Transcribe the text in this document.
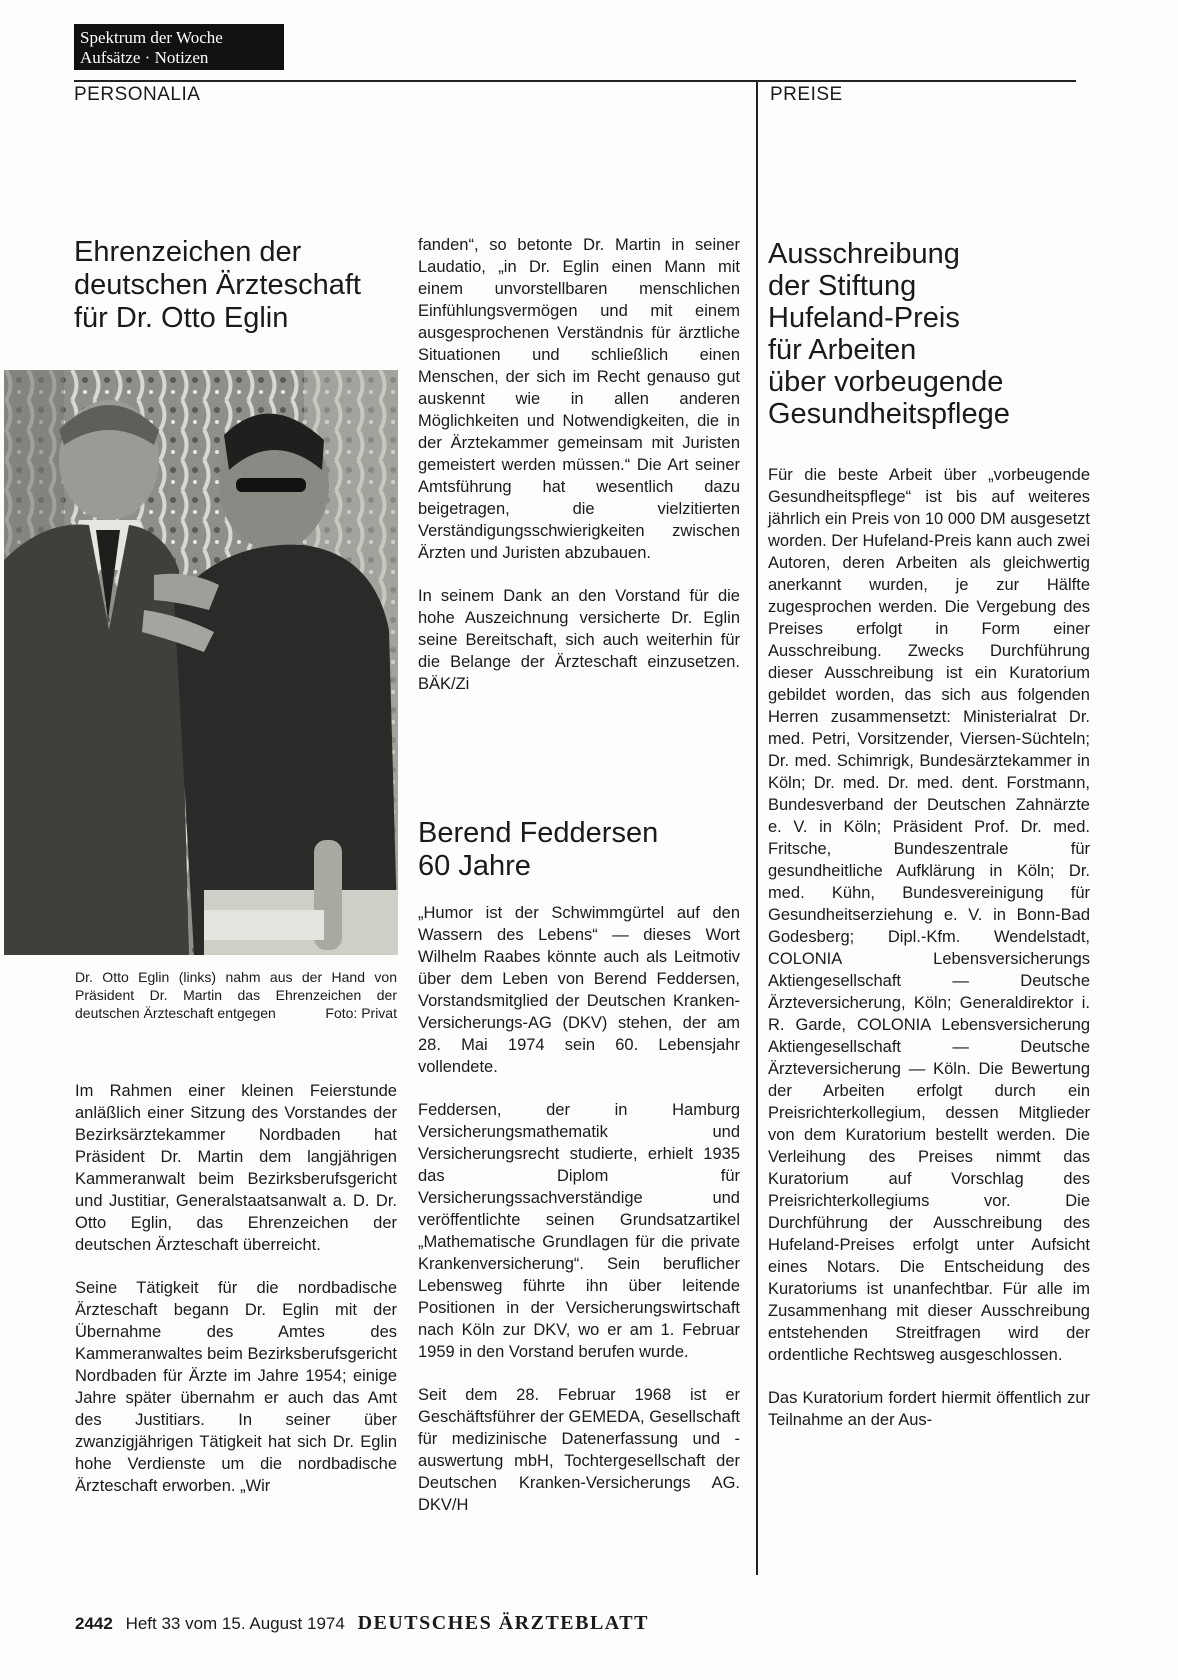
Spektrum der Woche
Aufsätze · Notizen
PERSONALIA	PREISE
Ehrenzeichen der
deutschen Ärzteschaft
für Dr. Otto Eglin
Dr. Otto Eglin (links) nahm aus der Hand von Präsident Dr. Martin das Ehrenzeichen der deutschen Ärzteschaft entgegen	Foto: Privat

Im Rahmen einer kleinen Feierstunde anläßlich einer Sitzung des Vorstandes der Bezirksärztekammer Nordbaden hat Präsident Dr. Martin dem langjährigen Kammeranwalt beim Bezirksberufsgericht und Justitiar, Generalstaatsanwalt a. D. Dr. Otto Eglin, das Ehrenzeichen der deutschen Ärzteschaft überreicht.

Seine Tätigkeit für die nordbadische Ärzteschaft begann Dr. Eglin mit der Übernahme des Amtes des Kammeranwaltes beim Bezirksberufsgericht Nordbaden für Ärzte im Jahre 1954; einige Jahre später übernahm er auch das Amt des Justitiars. In seiner über zwanzigjährigen Tätigkeit hat sich Dr. Eglin hohe Verdienste um die nordbadische Ärzteschaft erworben. „Wir

fanden“, so betonte Dr. Martin in seiner Laudatio, „in Dr. Eglin einen Mann mit einem unvorstellbaren menschlichen Einfühlungsvermögen und mit einem ausgesprochenen Verständnis für ärztliche Situationen und schließlich einen Menschen, der sich im Recht genauso gut auskennt wie in allen anderen Möglichkeiten und Notwendigkeiten, die in der Ärztekammer gemeinsam mit Juristen gemeistert werden müssen.“ Die Art seiner Amtsführung hat wesentlich dazu beigetragen, die vielzitierten Verständigungsschwierigkeiten zwischen Ärzten und Juristen abzubauen.

In seinem Dank an den Vorstand für die hohe Auszeichnung versicherte Dr. Eglin seine Bereitschaft, sich auch weiterhin für die Belange der Ärzteschaft einzusetzen. BÄK/Zi

Berend Feddersen
60 Jahre

„Humor ist der Schwimmgürtel auf den Wassern des Lebens“ — dieses Wort Wilhelm Raabes könnte auch als Leitmotiv über dem Leben von Berend Feddersen, Vorstandsmitglied der Deutschen Kranken-Versicherungs-AG (DKV) stehen, der am 28. Mai 1974 sein 60. Lebensjahr vollendete.

Feddersen, der in Hamburg Versicherungsmathematik und Versicherungsrecht studierte, erhielt 1935 das Diplom für Versicherungssachverständige und veröffentlichte seinen Grundsatzartikel „Mathematische Grundlagen für die private Krankenversicherung“. Sein beruflicher Lebensweg führte ihn über leitende Positionen in der Versicherungswirtschaft nach Köln zur DKV, wo er am 1. Februar 1959 in den Vorstand berufen wurde.

Seit dem 28. Februar 1968 ist er Geschäftsführer der GEMEDA, Gesellschaft für medizinische Datenerfassung und -auswertung mbH, Tochtergesellschaft der Deutschen Kranken-Versicherungs AG. DKV/H

Ausschreibung
der Stiftung
Hufeland-Preis
für Arbeiten
über vorbeugende
Gesundheitspflege

Für die beste Arbeit über „vorbeugende Gesundheitspflege“ ist bis auf weiteres jährlich ein Preis von 10 000 DM ausgesetzt worden. Der Hufeland-Preis kann auch zwei Autoren, deren Arbeiten als gleichwertig anerkannt wurden, je zur Hälfte zugesprochen werden. Die Vergebung des Preises erfolgt in Form einer Ausschreibung. Zwecks Durchführung dieser Ausschreibung ist ein Kuratorium gebildet worden, das sich aus folgenden Herren zusammensetzt: Ministerialrat Dr. med. Petri, Vorsitzender, Viersen-Süchteln; Dr. med. Schimrigk, Bundesärztekammer in Köln; Dr. med. Dr. med. dent. Forstmann, Bundesverband der Deutschen Zahnärzte e. V. in Köln; Präsident Prof. Dr. med. Fritsche, Bundeszentrale für gesundheitliche Aufklärung in Köln; Dr. med. Kühn, Bundesvereinigung für Gesundheitserziehung e. V. in Bonn-Bad Godesberg; Dipl.-Kfm. Wendelstadt, COLONIA Lebensversicherungs Aktiengesellschaft — Deutsche Ärzteversicherung, Köln; Generaldirektor i. R. Garde, COLONIA Lebensversicherung Aktiengesellschaft — Deutsche Ärzteversicherung — Köln. Die Bewertung der Arbeiten erfolgt durch ein Preisrichterkollegium, dessen Mitglieder von dem Kuratorium bestellt werden. Die Verleihung des Preises nimmt das Kuratorium auf Vorschlag des Preisrichterkollegiums vor. Die Durchführung der Ausschreibung des Hufeland-Preises erfolgt unter Aufsicht eines Notars. Die Entscheidung des Kuratoriums ist unanfechtbar. Für alle im Zusammenhang mit dieser Ausschreibung entstehenden Streitfragen wird der ordentliche Rechtsweg ausgeschlossen.

Das Kuratorium fordert hiermit öffentlich zur Teilnahme an der Aus-

2442 Heft 33 vom 15. August 1974 DEUTSCHES ÄRZTEBLATT
